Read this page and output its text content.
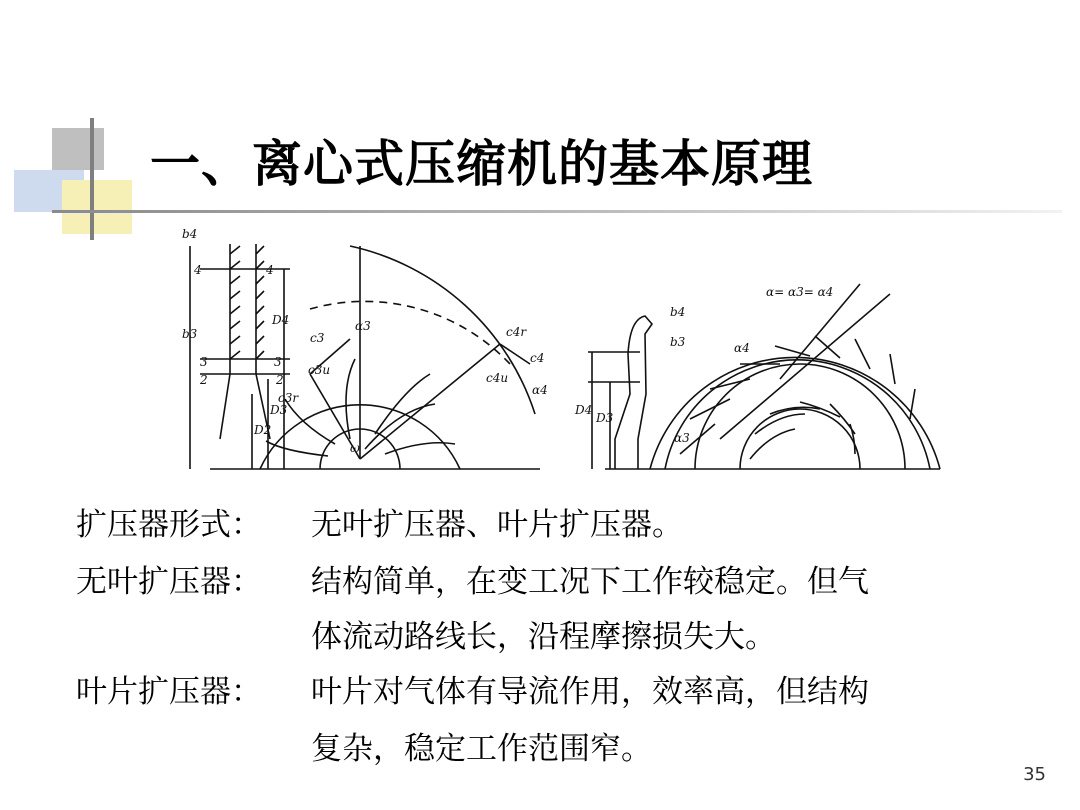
一、离心式压缩机的基本原理
b4
b3
4	4
3	3
2	2
D4
D2
D3
c3
c3u
c3r
α3	c4r
c4
c4u
α4
ω
b4
b3
D4
D3
α4
α3
α= α3= α4
扩压器形式： 无叶扩压器、叶片扩压器。
无叶扩压器： 结构简单，在变工况下工作较稳定。但气
体流动路线长，沿程摩擦损失大。
叶片扩压器： 叶片对气体有导流作用，效率高，但结构
复杂，稳定工作范围窄。
35
